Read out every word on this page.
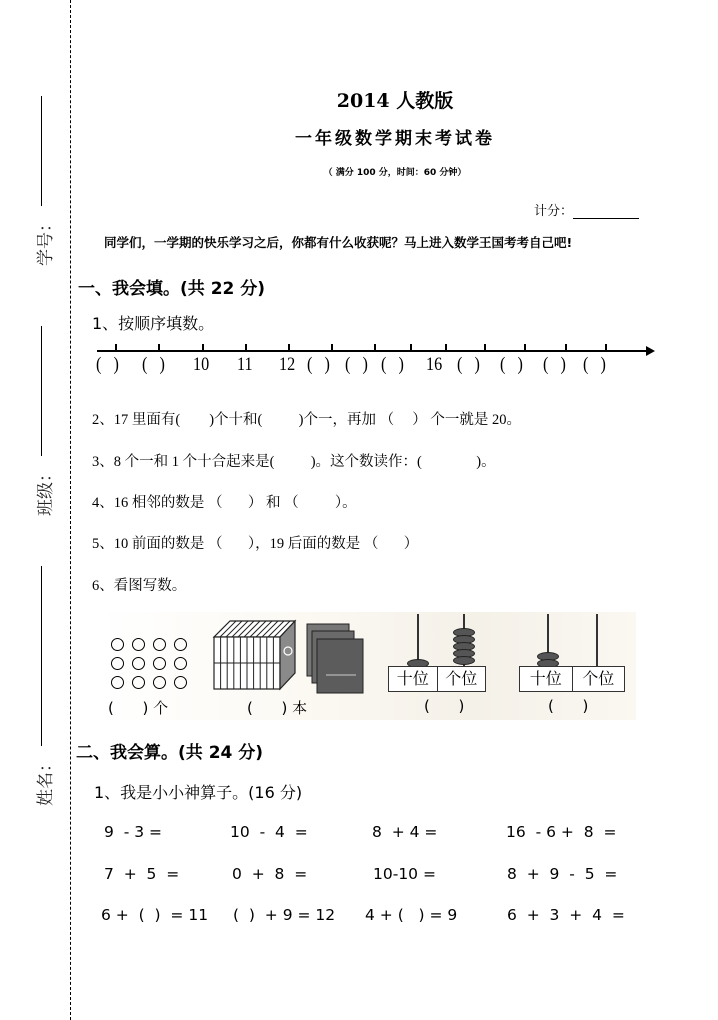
学号：
班级：
姓名：
2014 人教版
一年级数学期末考试卷
（ 满分 100 分，时间：60 分钟）
计分：
同学们，一学期的快乐学习之后，你都有什么收获呢？马上进入数学王国考考自己吧!
一、我会填。(共 22 分)
1、按顺序填数。
(   ) (   ) 10 11 12 (   ) (   ) (   ) 16 (   ) (   ) (   ) (   )
2、17 里面有(        )个十和(          )个一，再加 （     ） 个一就是 20。
3、8 个一和 1 个十合起来是(          )。这个数读作：(               )。
4、16 相邻的数是 （       ） 和 （          ）。
5、10 前面的数是 （       ），19 后面的数是 （       ）
6、看图写数。
(      ) 个	(      ) 本
十位	个位
(      )
十位	个位
(      )
二、我会算。(共 24 分)
1、我是小小神算子。(16 分)
9  - 3 =	10  -  4  =	8  + 4 =	16  - 6 +  8  =
7  +  5  =	0  +  8  =	10-10 =	8  +  9  -  5  =
6 +  (  )  = 11 (  )  + 9 = 12 4 + (   ) = 9	6  +  3  +  4  =
